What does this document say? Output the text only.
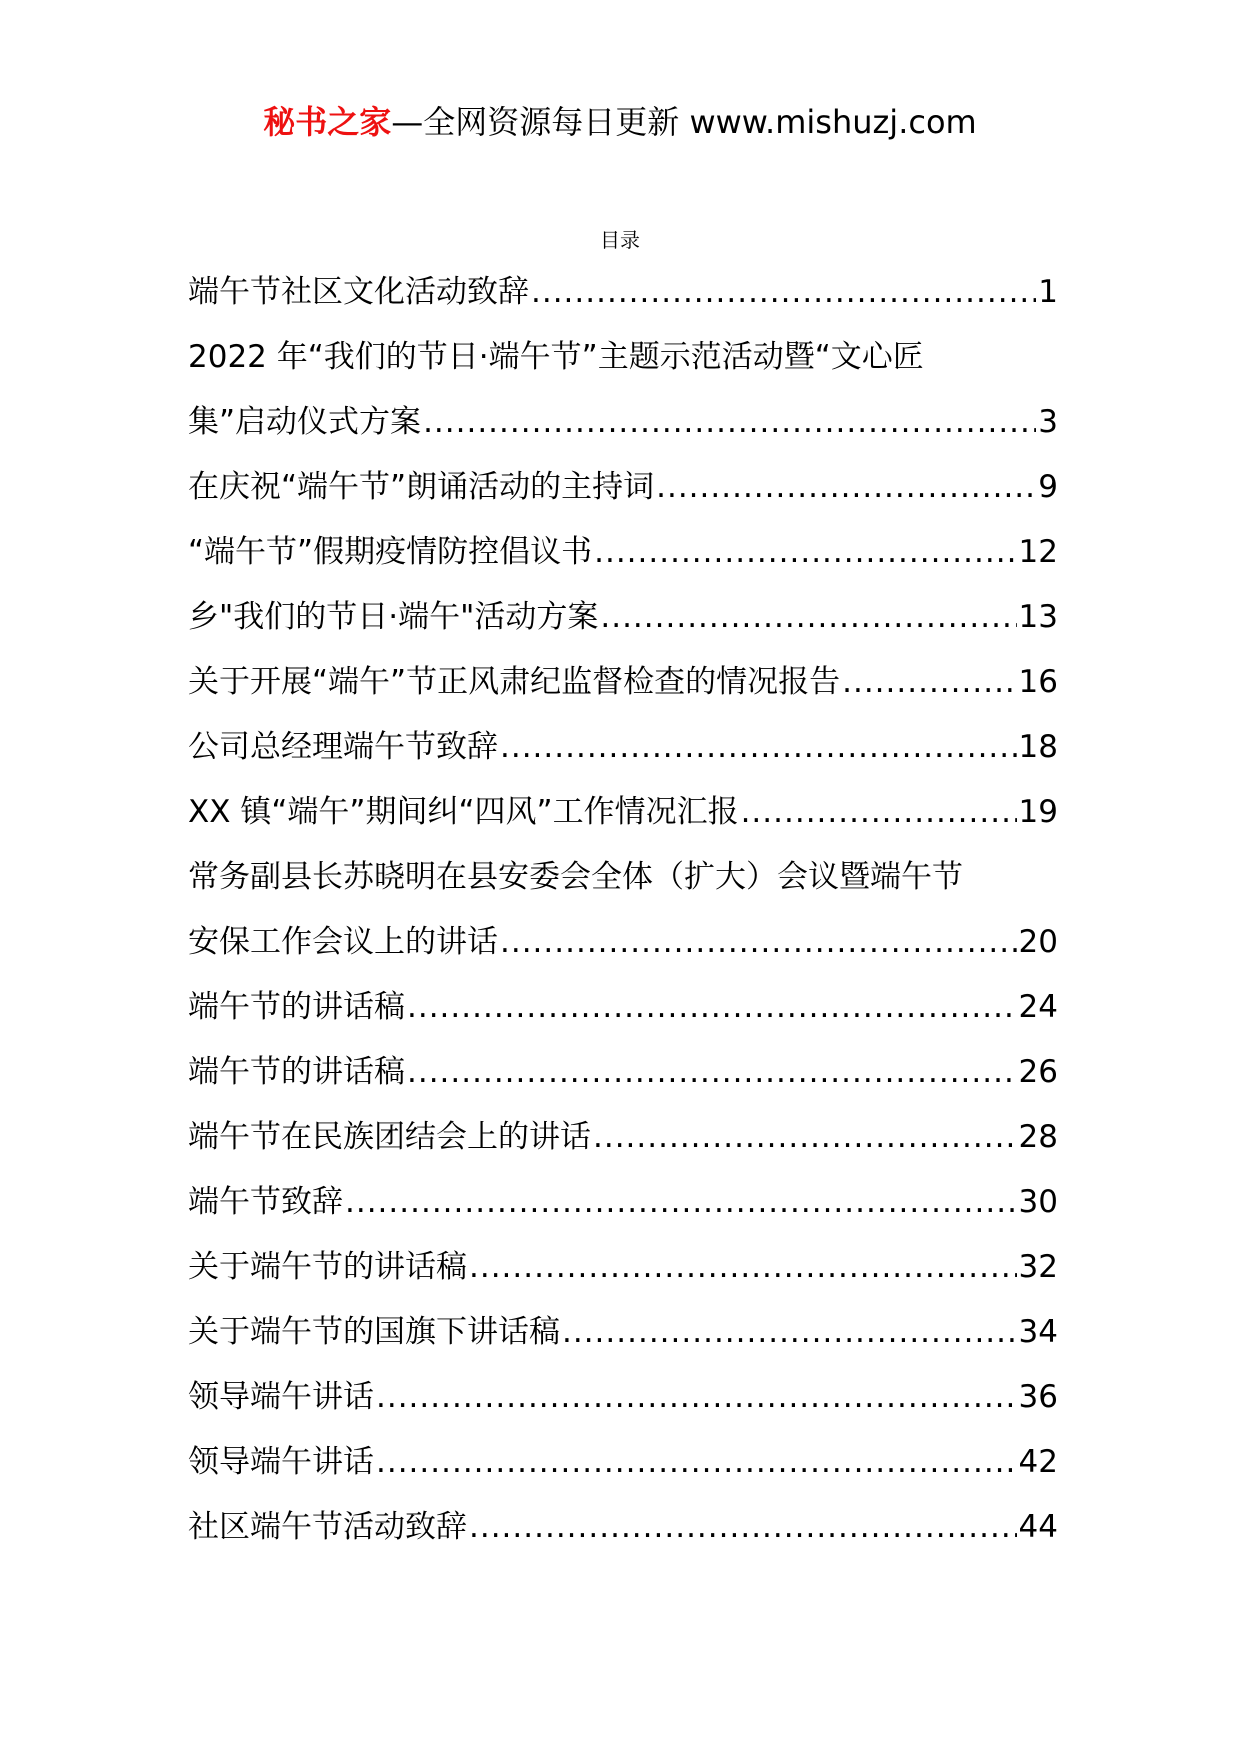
秘书之家—全网资源每日更新 www.mishuzj.com
目录
端午节社区文化活动致辞 .....	1
2022 年“我们的节日·端午节”主题示范活动暨“文心匠
集”启动仪式方案 .....	3
在庆祝“端午节”朗诵活动的主持词 .....	9
“端午节”假期疫情防控倡议书 .....	12
乡"我们的节日·端午"活动方案 .....	13
关于开展“端午”节正风肃纪监督检查的情况报告 .....	16
公司总经理端午节致辞 .....	18
XX 镇“端午”期间纠“四风”工作情况汇报 .....	19
常务副县长苏晓明在县安委会全体（扩大）会议暨端午节
安保工作会议上的讲话 .....	20
端午节的讲话稿 .....	24
端午节的讲话稿 .....	26
端午节在民族团结会上的讲话 .....	28
端午节致辞 .....	30
关于端午节的讲话稿 .....	32
关于端午节的国旗下讲话稿 .....	34
领导端午讲话 .....	36
领导端午讲话 .....	42
社区端午节活动致辞 .....	44
